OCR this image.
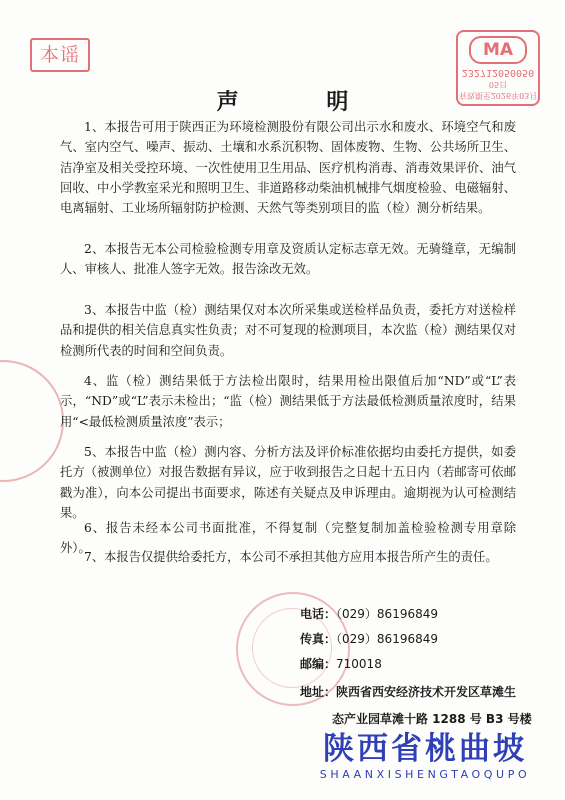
本谣	MA
232712050050
有效期至2026年03月05日
声 明

1、本报告可用于陕西正为环境检测股份有限公司出示水和废水、环境空气和废气、室内空气、噪声、振动、土壤和水系沉积物、固体废物、生物、公共场所卫生、洁净室及相关受控环境、一次性使用卫生用品、医疗机构消毒、消毒效果评价、油气回收、中小学教室采光和照明卫生、非道路移动柴油机械排气烟度检验、电磁辐射、电离辐射、工业场所辐射防护检测、天然气等类别项目的监（检）测分析结果。

2、本报告无本公司检验检测专用章及资质认定标志章无效。无骑缝章，无编制人、审核人、批准人签字无效。报告涂改无效。

3、本报告中监（检）测结果仅对本次所采集或送检样品负责，委托方对送检样品和提供的相关信息真实性负责；对不可复现的检测项目，本次监（检）测结果仅对检测所代表的时间和空间负责。

4、监（检）测结果低于方法检出限时，结果用检出限值后加“ND”或“L”表示，“ND”或“L”表示未检出；“监（检）测结果低于方法最低检测质量浓度时，结果用“<最低检测质量浓度”表示；

5、本报告中监（检）测内容、分析方法及评价标准依据均由委托方提供，如委托方（被测单位）对报告数据有异议，应于收到报告之日起十五日内（若邮寄可依邮戳为准），向本公司提出书面要求，陈述有关疑点及申诉理由。逾期视为认可检测结果。

6、报告未经本公司书面批准，不得复制（完整复制加盖检验检测专用章除外）。

7、本报告仅提供给委托方，本公司不承担其他方应用本报告所产生的责任。

电话：（029）86196849
传真：（029）86196849
邮编：710018
地址：陕西省西安经济技术开发区草滩生
态产业园草滩十路 1288 号 B3 号楼
陕西省桃曲坡
SHAANXISHENGTAOQUPO
